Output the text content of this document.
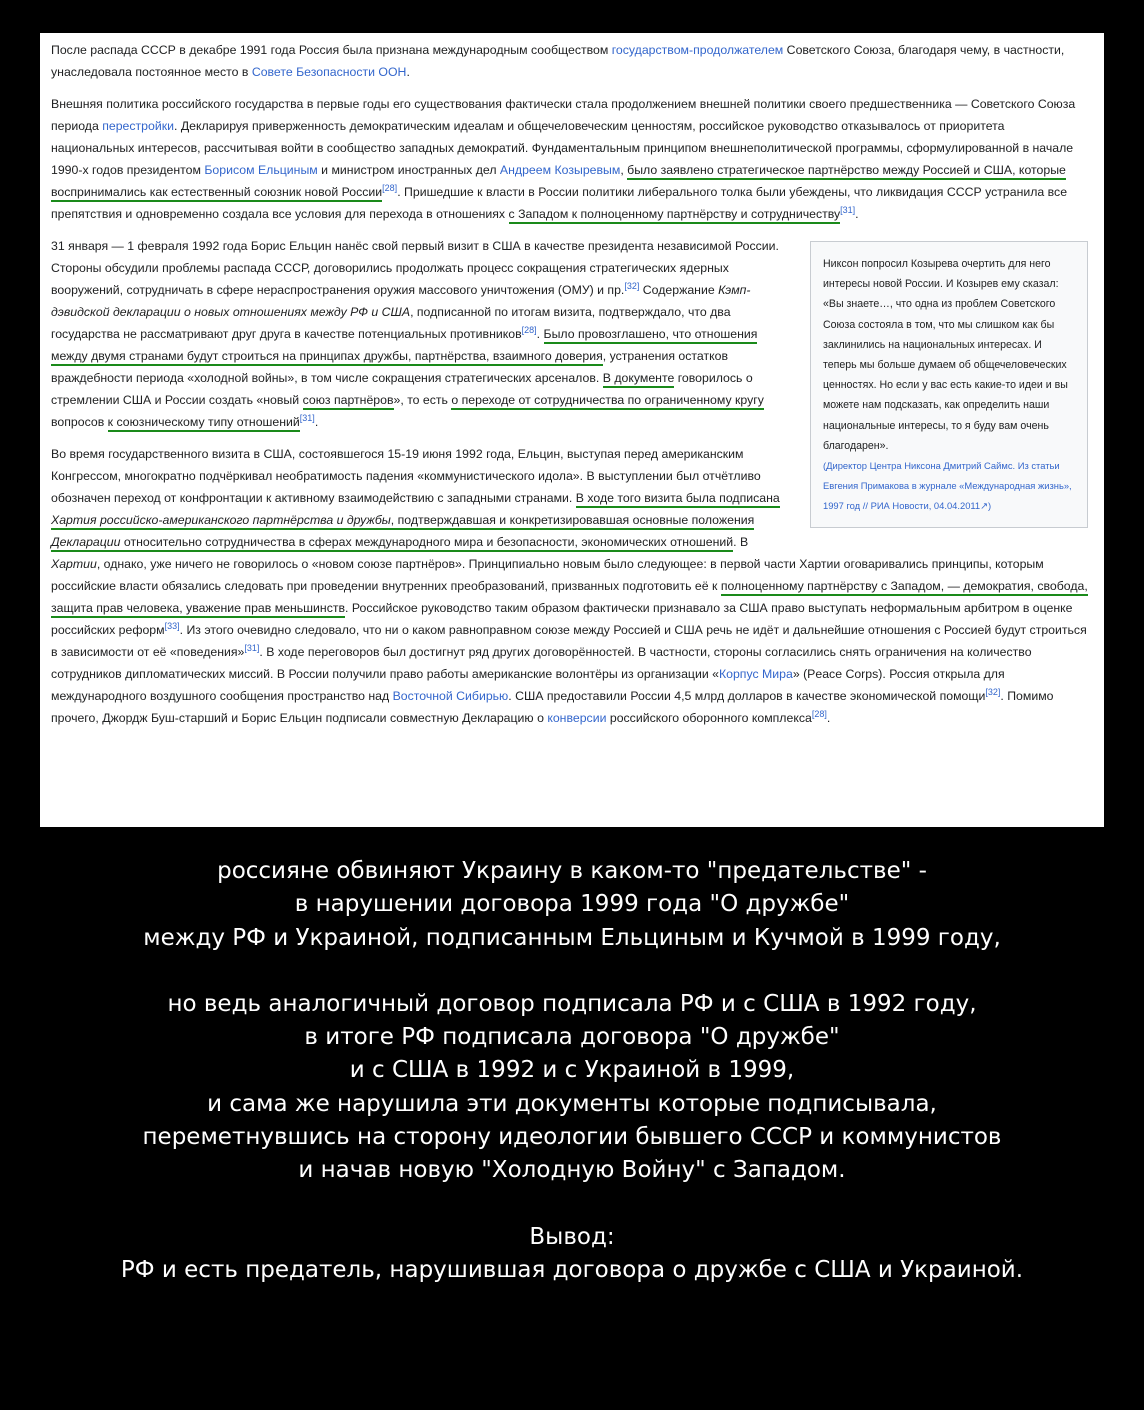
После распада СССР в декабре 1991 года Россия была признана международным сообществом государством-продолжателем Советского Союза, благодаря чему, в частности, унаследовала постоянное место в Совете Безопасности ООН.

Внешняя политика российского государства в первые годы его существования фактически стала продолжением внешней политики своего предшественника — Советского Союза периода перестройки. Декларируя приверженность демократическим идеалам и общечеловеческим ценностям, российское руководство отказывалось от приоритета национальных интересов, рассчитывая войти в сообщество западных демократий. Фундаментальным принципом внешнеполитической программы, сформулированной в начале 1990-х годов президентом Борисом Ельциным и министром иностранных дел Андреем Козыревым, было заявлено стратегическое партнёрство между Россией и США, которые воспринимались как естественный союзник новой России[28]. Пришедшие к власти в России политики либерального толка были убеждены, что ликвидация СССР устранила все препятствия и одновременно создала все условия для перехода в отношениях с Западом к полноценному партнёрству и сотрудничеству[31].

Никсон попросил Козырева очертить для него интересы новой России. И Козырев ему сказал: «Вы знаете…, что одна из проблем Советского Союза состояла в том, что мы слишком как бы заклинились на национальных интересах. И теперь мы больше думаем об общечеловеческих ценностях. Но если у вас есть какие-то идеи и вы можете нам подсказать, как определить наши национальные интересы, то я буду вам очень благодарен».
(Директор Центра Никсона Дмитрий Саймс. Из статьи Евгения Примакова в журнале «Международная жизнь», 1997 год // РИА Новости, 04.04.2011↗)

31 января — 1 февраля 1992 года Борис Ельцин нанёс свой первый визит в США в качестве президента независимой России. Стороны обсудили проблемы распада СССР, договорились продолжать процесс сокращения стратегических ядерных вооружений, сотрудничать в сфере нераспространения оружия массового уничтожения (ОМУ) и пр.[32] Содержание Кэмп-дэвидской декларации о новых отношениях между РФ и США, подписанной по итогам визита, подтверждало, что два государства не рассматривают друг друга в качестве потенциальных противников[28]. Было провозглашено, что отношения между двумя странами будут строиться на принципах дружбы, партнёрства, взаимного доверия, устранения остатков враждебности периода «холодной войны», в том числе сокращения стратегических арсеналов. В документе говорилось о стремлении США и России создать «новый союз партнёров», то есть о переходе от сотрудничества по ограниченному кругу вопросов к союзническому типу отношений[31].

Во время государственного визита в США, состоявшегося 15-19 июня 1992 года, Ельцин, выступая перед американским Конгрессом, многократно подчёркивал необратимость падения «коммунистического идола». В выступлении был отчётливо обозначен переход от конфронтации к активному взаимодействию с западными странами. В ходе того визита была подписана Хартия российско-американского партнёрства и дружбы, подтверждавшая и конкретизировавшая основные положения Декларации относительно сотрудничества в сферах международного мира и безопасности, экономических отношений. В Хартии, однако, уже ничего не говорилось о «новом союзе партнёров». Принципиально новым было следующее: в первой части Хартии оговаривались принципы, которым российские власти обязались следовать при проведении внутренних преобразований, призванных подготовить её к полноценному партнёрству с Западом, — демократия, свобода, защита прав человека, уважение прав меньшинств. Российское руководство таким образом фактически признавало за США право выступать неформальным арбитром в оценке российских реформ[33]. Из этого очевидно следовало, что ни о каком равноправном союзе между Россией и США речь не идёт и дальнейшие отношения с Россией будут строиться в зависимости от её «поведения»[31]. В ходе переговоров был достигнут ряд других договорённостей. В частности, стороны согласились снять ограничения на количество сотрудников дипломатических миссий. В России получили право работы американские волонтёры из организации «Корпус Мира» (Peace Corps). Россия открыла для международного воздушного сообщения пространство над Восточной Сибирью. США предоставили России 4,5 млрд долларов в качестве экономической помощи[32]. Помимо прочего, Джордж Буш-старший и Борис Ельцин подписали совместную Декларацию о конверсии российского оборонного комплекса[28].

россияне обвиняют Украину в каком-то "предательстве" -
в нарушении договора 1999 года "О дружбе"
между РФ и Украиной, подписанным Ельциным и Кучмой в 1999 году,
но ведь аналогичный договор подписала РФ и с США в 1992 году,
в итоге РФ подписала договора "О дружбе"
и с США в 1992 и с Украиной в 1999,
и сама же нарушила эти документы которые подписывала,
переметнувшись на сторону идеологии бывшего СССР и коммунистов
и начав новую "Холодную Войну" с Западом.
Вывод:
РФ и есть предатель, нарушившая договора о дружбе с США и Украиной.
